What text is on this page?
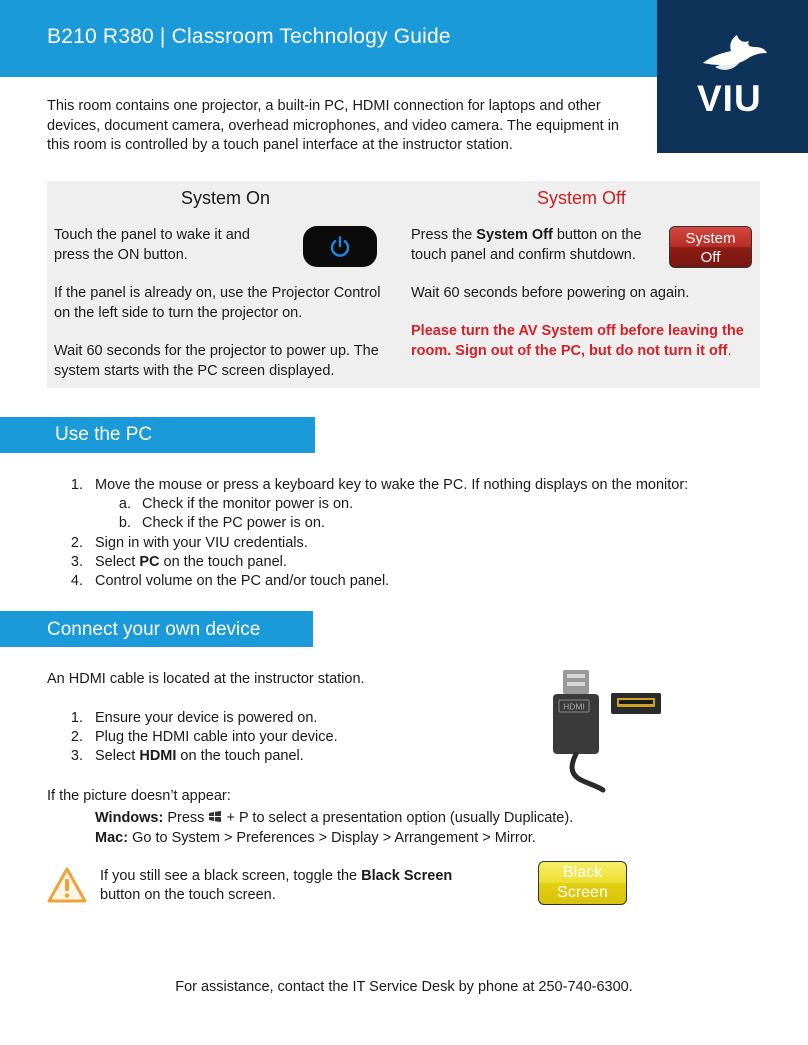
B210 R380 | Classroom Technology Guide
VIU
This room contains one projector, a built-in PC, HDMI connection for laptops and other devices, document camera, overhead microphones, and video camera. The equipment in this room is controlled by a touch panel interface at the instructor station.
System On	System Off
Touch the panel to wake it and press the ON button.
If the panel is already on, use the Projector Control on the left side to turn the projector on.
Wait 60 seconds for the projector to power up. The system starts with the PC screen displayed.
Press the System Off button on the touch panel and confirm shutdown.
System
Off
Wait 60 seconds before powering on again.
Please turn the AV System off before leaving the room. Sign out of the PC, but do not turn it off.
Use the PC
1. Move the mouse or press a keyboard key to wake the PC. If nothing displays on the monitor:
a. Check if the monitor power is on.
b. Check if the PC power is on.
2. Sign in with your VIU credentials.
3. Select PC on the touch panel.
4. Control volume on the PC and/or touch panel.
Connect your own device
An HDMI cable is located at the instructor station.
1. Ensure your device is powered on.
2. Plug the HDMI cable into your device.
3. Select HDMI on the touch panel.
HDMI
If the picture doesn’t appear:
Windows: Press  + P to select a presentation option (usually Duplicate).
Mac: Go to System > Preferences > Display > Arrangement > Mirror.
If you still see a black screen, toggle the Black Screen
button on the touch screen.
Black
Screen
For assistance, contact the IT Service Desk by phone at 250-740-6300.
